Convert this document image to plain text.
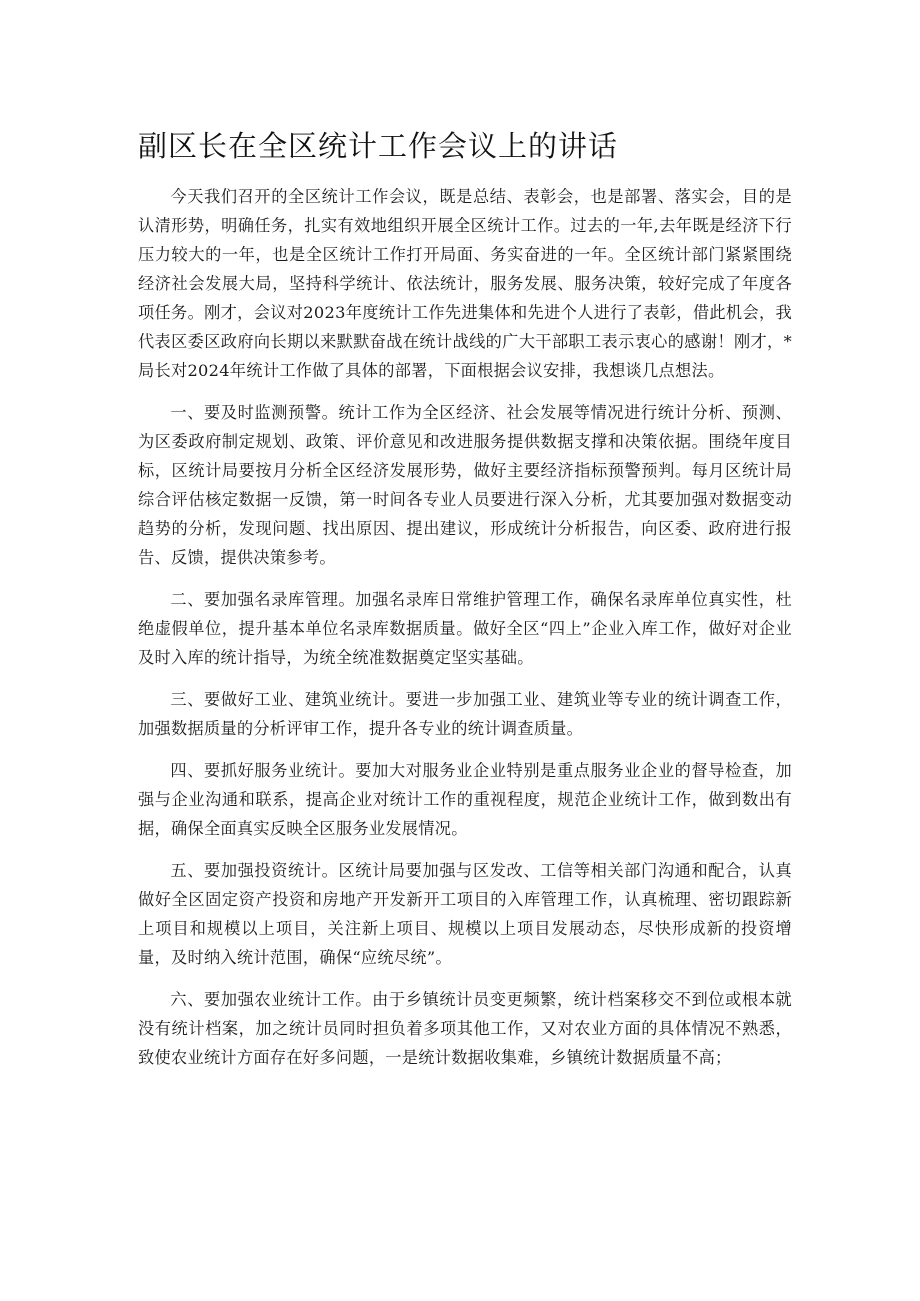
副区长在全区统计工作会议上的讲话

今天我们召开的全区统计工作会议，既是总结、表彰会，也是部署、落实会，目的是认清形势，明确任务，扎实有效地组织开展全区统计工作。过去的一年,去年既是经济下行压力较大的一年，也是全区统计工作打开局面、务实奋进的一年。全区统计部门紧紧围绕经济社会发展大局，坚持科学统计、依法统计，服务发展、服务决策，较好完成了年度各项任务。刚才，会议对2023年度统计工作先进集体和先进个人进行了表彰，借此机会，我代表区委区政府向长期以来默默奋战在统计战线的广大干部职工表示衷心的感谢！刚才，*局长对2024年统计工作做了具体的部署，下面根据会议安排，我想谈几点想法。

一、要及时监测预警。统计工作为全区经济、社会发展等情况进行统计分析、预测、为区委政府制定规划、政策、评价意见和改进服务提供数据支撑和决策依据。围绕年度目标，区统计局要按月分析全区经济发展形势，做好主要经济指标预警预判。每月区统计局综合评估核定数据一反馈，第一时间各专业人员要进行深入分析，尤其要加强对数据变动趋势的分析，发现问题、找出原因、提出建议，形成统计分析报告，向区委、政府进行报告、反馈，提供决策参考。

二、要加强名录库管理。加强名录库日常维护管理工作，确保名录库单位真实性，杜绝虚假单位，提升基本单位名录库数据质量。做好全区“四上”企业入库工作，做好对企业及时入库的统计指导，为统全统准数据奠定坚实基础。

三、要做好工业、建筑业统计。要进一步加强工业、建筑业等专业的统计调查工作，加强数据质量的分析评审工作，提升各专业的统计调查质量。

四、要抓好服务业统计。要加大对服务业企业特别是重点服务业企业的督导检查，加强与企业沟通和联系，提高企业对统计工作的重视程度，规范企业统计工作，做到数出有据，确保全面真实反映全区服务业发展情况。

五、要加强投资统计。区统计局要加强与区发改、工信等相关部门沟通和配合，认真做好全区固定资产投资和房地产开发新开工项目的入库管理工作，认真梳理、密切跟踪新上项目和规模以上项目，关注新上项目、规模以上项目发展动态，尽快形成新的投资增量，及时纳入统计范围，确保“应统尽统”。

六、要加强农业统计工作。由于乡镇统计员变更频繁，统计档案移交不到位或根本就没有统计档案，加之统计员同时担负着多项其他工作，又对农业方面的具体情况不熟悉，致使农业统计方面存在好多问题，一是统计数据收集难，乡镇统计数据质量不高；
